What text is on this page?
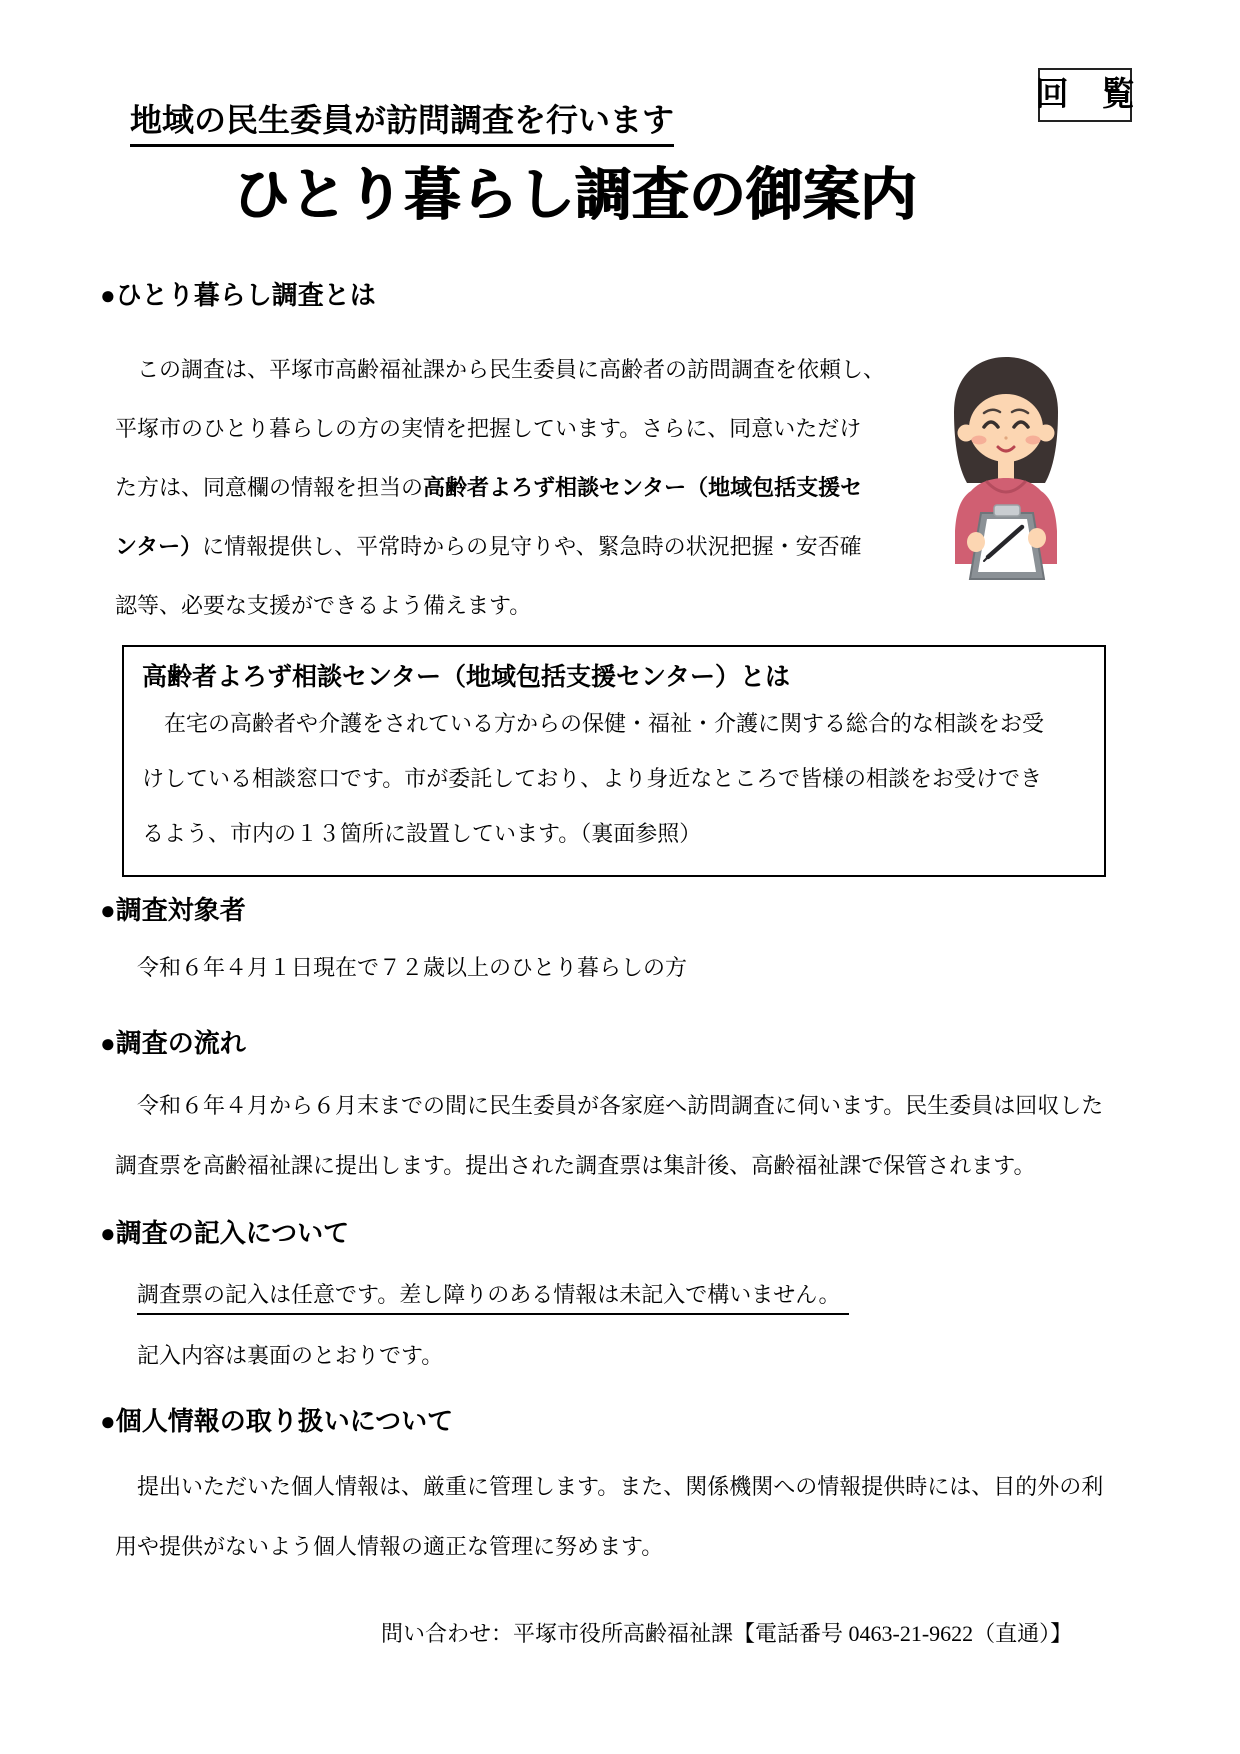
回　覧
地域の民生委員が訪問調査を行います
ひとり暮らし調査の御案内
●ひとり暮らし調査とは
　この調査は、平塚市高齢福祉課から民生委員に高齢者の訪問調査を依頼し、
平塚市のひとり暮らしの方の実情を把握しています。さらに、同意いただけ
た方は、同意欄の情報を担当の高齢者よろず相談センター（地域包括支援セ
ンター）に情報提供し、平常時からの見守りや、緊急時の状況把握・安否確
認等、必要な支援ができるよう備えます。

高齢者よろず相談センター（地域包括支援センター）とは

　在宅の高齢者や介護をされている方からの保健・福祉・介護に関する総合的な相談をお受

けしている相談窓口です。市が委託しており、より身近なところで皆様の相談をお受けでき

るよう、市内の１３箇所に設置しています。（裏面参照）

●調査対象者
令和６年４月１日現在で７２歳以上のひとり暮らしの方
●調査の流れ
　令和６年４月から６月末までの間に民生委員が各家庭へ訪問調査に伺います。民生委員は回収した
調査票を高齢福祉課に提出します。提出された調査票は集計後、高齢福祉課で保管されます。
●調査の記入について
調査票の記入は任意です。差し障りのある情報は未記入で構いません。
記入内容は裏面のとおりです。
●個人情報の取り扱いについて
　提出いただいた個人情報は、厳重に管理します。また、関係機関への情報提供時には、目的外の利
用や提供がないよう個人情報の適正な管理に努めます。
問い合わせ：平塚市役所高齢福祉課【電話番号 0463‐21‐9622（直通）】
